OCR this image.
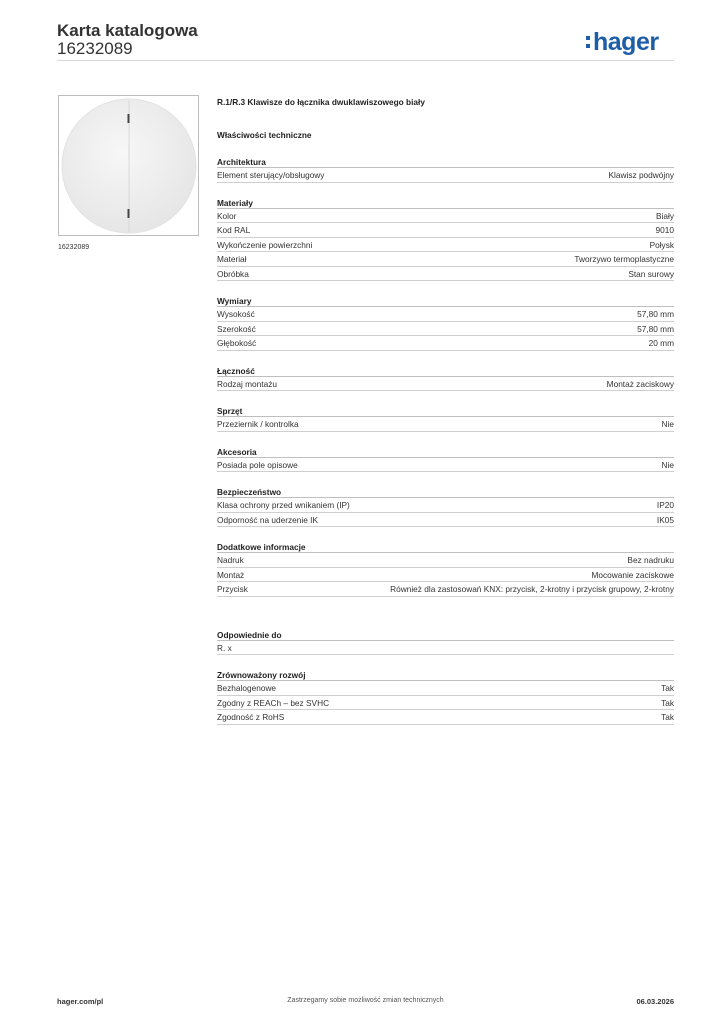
Karta katalogowa
16232089	hager
16232089
R.1/R.3 Klawisze do łącznika dwuklawiszowego biały
Właściwości techniczne
Architektura
Element sterujący/obsługowy	Klawisz podwójny
Materiały
Kolor	Biały
Kod RAL	9010
Wykończenie powierzchni	Połysk
Materiał	Tworzywo termoplastyczne
Obróbka	Stan surowy
Wymiary
Wysokość	57,80 mm
Szerokość	57,80 mm
Głębokość	20 mm
Łączność
Rodzaj montażu	Montaż zaciskowy
Sprzęt
Przeziernik / kontrolka	Nie
Akcesoria
Posiada pole opisowe	Nie
Bezpieczeństwo
Klasa ochrony przed wnikaniem (IP)	IP20
Odporność na uderzenie IK	IK05
Dodatkowe informacje
Nadruk	Bez nadruku
Montaż	Mocowanie zaciskowe
Przycisk	Również dla zastosowań KNX: przycisk, 2-krotny i przycisk grupowy, 2-krotny
Odpowiednie do
R. x
Zrównoważony rozwój
Bezhalogenowe	Tak
Zgodny z REACh – bez SVHC	Tak
Zgodność z RoHS	Tak
hager.com/pl	Zastrzegamy sobie możliwość zmian technicznych	06.03.2026
